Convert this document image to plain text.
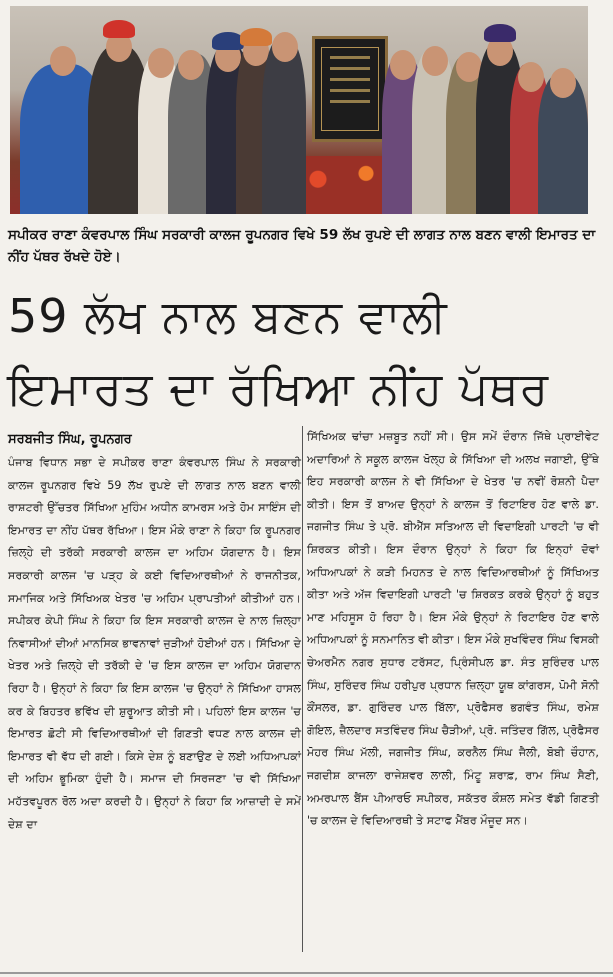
ਸਪੀਕਰ ਰਾਣਾ ਕੰਵਰਪਾਲ ਸਿੰਘ ਸਰਕਾਰੀ ਕਾਲਜ ਰੂਪਨਗਰ ਵਿਖੇ 59 ਲੱਖ ਰੁਪਏ ਦੀ ਲਾਗਤ ਨਾਲ ਬਣਨ ਵਾਲੀ ਇਮਾਰਤ ਦਾ ਨੀਂਹ ਪੱਥਰ ਰੱਖਦੇ ਹੋਏ।
59 ਲੱਖ ਨਾਲ ਬਣਨ ਵਾਲੀ
ਇਮਾਰਤ ਦਾ ਰੱਖਿਆ ਨੀਂਹ ਪੱਥਰ
ਸਰਬਜੀਤ ਸਿੰਘ, ਰੂਪਨਗਰ
ਪੰਜਾਬ ਵਿਧਾਨ ਸਭਾ ਦੇ ਸਪੀਕਰ ਰਾਣਾ ਕੰਵਰਪਾਲ ਸਿੰਘ ਨੇ ਸਰਕਾਰੀ ਕਾਲਜ ਰੂਪਨਗਰ ਵਿਖੇ 59 ਲੱਖ ਰੁਪਏ ਦੀ ਲਾਗਤ ਨਾਲ ਬਣਨ ਵਾਲੀ ਰਾਸ਼ਟਰੀ ਉੱਚਤਰ ਸਿੱਖਿਆ ਮੁਹਿੰਮ ਅਧੀਨ ਕਾਮਰਸ ਅਤੇ ਹੋਮ ਸਾਇੰਸ ਦੀ ਇਮਾਰਤ ਦਾ ਨੀਂਹ ਪੱਥਰ ਰੱਖਿਆ। ਇਸ ਮੌਕੇ ਰਾਣਾ ਨੇ ਕਿਹਾ ਕਿ ਰੂਪਨਗਰ ਜ਼ਿਲ੍ਹੇ ਦੀ ਤਰੱਕੀ ਸਰਕਾਰੀ ਕਾਲਜ ਦਾ ਅਹਿਮ ਯੋਗਦਾਨ ਹੈ। ਇਸ ਸਰਕਾਰੀ ਕਾਲਜ 'ਚ ਪੜ੍ਹ ਕੇ ਕਈ ਵਿਦਿਆਰਥੀਆਂ ਨੇ ਰਾਜਨੀਤਕ, ਸਮਾਜਿਕ ਅਤੇ ਸਿੱਖਿਅਕ ਖੇਤਰ 'ਚ ਅਹਿਮ ਪ੍ਰਾਪਤੀਆਂ ਕੀਤੀਆਂ ਹਨ। ਸਪੀਕਰ ਕੇਪੀ ਸਿੰਘ ਨੇ ਕਿਹਾ ਕਿ ਇਸ ਸਰਕਾਰੀ ਕਾਲਜ ਦੇ ਨਾਲ ਜ਼ਿਲ੍ਹਾ ਨਿਵਾਸੀਆਂ ਦੀਆਂ ਮਾਨਸਿਕ ਭਾਵਨਾਵਾਂ ਜੁੜੀਆਂ ਹੋਈਆਂ ਹਨ। ਸਿੱਖਿਆ ਦੇ ਖੇਤਰ ਅਤੇ ਜ਼ਿਲ੍ਹੇ ਦੀ ਤਰੱਕੀ ਦੇ 'ਚ ਇਸ ਕਾਲਜ ਦਾ ਅਹਿਮ ਯੋਗਦਾਨ ਰਿਹਾ ਹੈ। ਉਨ੍ਹਾਂ ਨੇ ਕਿਹਾ ਕਿ ਇਸ ਕਾਲਜ 'ਚ ਉਨ੍ਹਾਂ ਨੇ ਸਿੱਖਿਆ ਹਾਸਲ ਕਰ ਕੇ ਬਿਹਤਰ ਭਵਿੱਖ ਦੀ ਸ਼ੁਰੂਆਤ ਕੀਤੀ ਸੀ। ਪਹਿਲਾਂ ਇਸ ਕਾਲਜ 'ਚ ਇਮਾਰਤ ਛੋਟੀ ਸੀ ਵਿਦਿਆਰਥੀਆਂ ਦੀ ਗਿਣਤੀ ਵਧਣ ਨਾਲ ਕਾਲਜ ਦੀ ਇਮਾਰਤ ਵੀ ਵੱਧ ਦੀ ਗਈ। ਕਿਸੇ ਦੇਸ਼ ਨੂੰ ਬਣਾਉਣ ਦੇ ਲਈ ਅਧਿਆਪਕਾਂ ਦੀ ਅਹਿਮ ਭੂਮਿਕਾ ਹੁੰਦੀ ਹੈ। ਸਮਾਜ ਦੀ ਸਿਰਜਣਾ 'ਚ ਵੀ ਸਿੱਖਿਆ ਮਹੱਤਵਪੂਰਨ ਰੋਲ ਅਦਾ ਕਰਦੀ ਹੈ। ਉਨ੍ਹਾਂ ਨੇ ਕਿਹਾ ਕਿ ਆਜ਼ਾਦੀ ਦੇ ਸਮੇਂ ਦੇਸ਼ ਦਾ
ਸਿੱਖਿਅਕ ਢਾਂਚਾ ਮਜ਼ਬੂਤ ਨਹੀਂ ਸੀ। ਉਸ ਸਮੇਂ ਦੌਰਾਨ ਜਿੱਥੇ ਪ੍ਰਾਈਵੇਟ ਅਦਾਰਿਆਂ ਨੇ ਸਕੂਲ ਕਾਲਜ ਖੋਲ੍ਹ ਕੇ ਸਿੱਖਿਆ ਦੀ ਅਲਖ ਜਗਾਈ, ਉੱਥੇ ਇਹ ਸਰਕਾਰੀ ਕਾਲਜ ਨੇ ਵੀ ਸਿੱਖਿਆ ਦੇ ਖੇਤਰ 'ਚ ਨਵੀਂ ਰੋਸ਼ਨੀ ਪੈਦਾ ਕੀਤੀ। ਇਸ ਤੋਂ ਬਾਅਦ ਉਨ੍ਹਾਂ ਨੇ ਕਾਲਜ ਤੋਂ ਰਿਟਾਇਰ ਹੋਣ ਵਾਲੇ ਡਾ. ਜਗਜੀਤ ਸਿੰਘ ਤੇ ਪ੍ਰੋ. ਬੀਐੱਸ ਸਤਿਆਲ ਦੀ ਵਿਦਾਇਗੀ ਪਾਰਟੀ 'ਚ ਵੀ ਸ਼ਿਰਕਤ ਕੀਤੀ। ਇਸ ਦੌਰਾਨ ਉਨ੍ਹਾਂ ਨੇ ਕਿਹਾ ਕਿ ਇਨ੍ਹਾਂ ਦੋਵਾਂ ਅਧਿਆਪਕਾਂ ਨੇ ਕੜੀ ਮਿਹਨਤ ਦੇ ਨਾਲ ਵਿਦਿਆਰਥੀਆਂ ਨੂੰ ਸਿੱਖਿਅਤ ਕੀਤਾ ਅਤੇ ਅੱਜ ਵਿਦਾਇਗੀ ਪਾਰਟੀ 'ਚ ਸ਼ਿਰਕਤ ਕਰਕੇ ਉਨ੍ਹਾਂ ਨੂੰ ਬਹੁਤ ਮਾਣ ਮਹਿਸੂਸ ਹੋ ਰਿਹਾ ਹੈ। ਇਸ ਮੌਕੇ ਉਨ੍ਹਾਂ ਨੇ ਰਿਟਾਇਰ ਹੋਣ ਵਾਲੇ ਅਧਿਆਪਕਾਂ ਨੂੰ ਸਨਮਾਨਿਤ ਵੀ ਕੀਤਾ। ਇਸ ਮੌਕੇ ਸੁਖਵਿੰਦਰ ਸਿੰਘ ਵਿਸਕੀ ਚੇਅਰਮੈਨ ਨਗਰ ਸੁਧਾਰ ਟਰੱਸਟ, ਪ੍ਰਿੰਸੀਪਲ ਡਾ. ਸੰਤ ਸੁਰਿੰਦਰ ਪਾਲ ਸਿੰਘ, ਸੁਰਿੰਦਰ ਸਿੰਘ ਹਰੀਪੁਰ ਪ੍ਰਧਾਨ ਜ਼ਿਲ੍ਹਾ ਯੂਥ ਕਾਂਗਰਸ, ਪੋਮੀ ਸੋਨੀ ਕੌਂਸਲਰ, ਡਾ. ਗੁਰਿੰਦਰ ਪਾਲ ਬਿੱਲਾ, ਪ੍ਰੋਫੈਸਰ ਭਗਵੰਤ ਸਿੰਘ, ਰਮੇਸ਼ ਗੋਇਲ, ਜ਼ੈਲਦਾਰ ਸਤਵਿੰਦਰ ਸਿੰਘ ਚੈੜੀਆਂ, ਪ੍ਰੋ. ਜਤਿੰਦਰ ਗਿੱਲ, ਪ੍ਰੋਫੈਸਰ ਮੋਹਰ ਸਿੰਘ ਮੱਲੀ, ਜਗਜੀਤ ਸਿੰਘ, ਕਰਨੈਲ ਸਿੰਘ ਜੈਲੀ, ਬੋਬੀ ਚੌਹਾਨ, ਜਗਦੀਸ਼ ਕਾਜਲਾ ਰਾਜੇਸ਼ਵਰ ਲਾਲੀ, ਮਿੰਟੂ ਸ਼ਰਾਫ਼, ਰਾਮ ਸਿੰਘ ਸੈਣੀ, ਅਮਰਪਾਲ ਬੈਂਸ ਪੀਆਰਓ ਸਪੀਕਰ, ਸਕੱਤਰ ਕੌਸ਼ਲ ਸਮੇਤ ਵੱਡੀ ਗਿਣਤੀ 'ਚ ਕਾਲਜ ਦੇ ਵਿਦਿਆਰਥੀ ਤੇ ਸਟਾਫ ਮੈਂਬਰ ਮੌਜੂਦ ਸਨ।
